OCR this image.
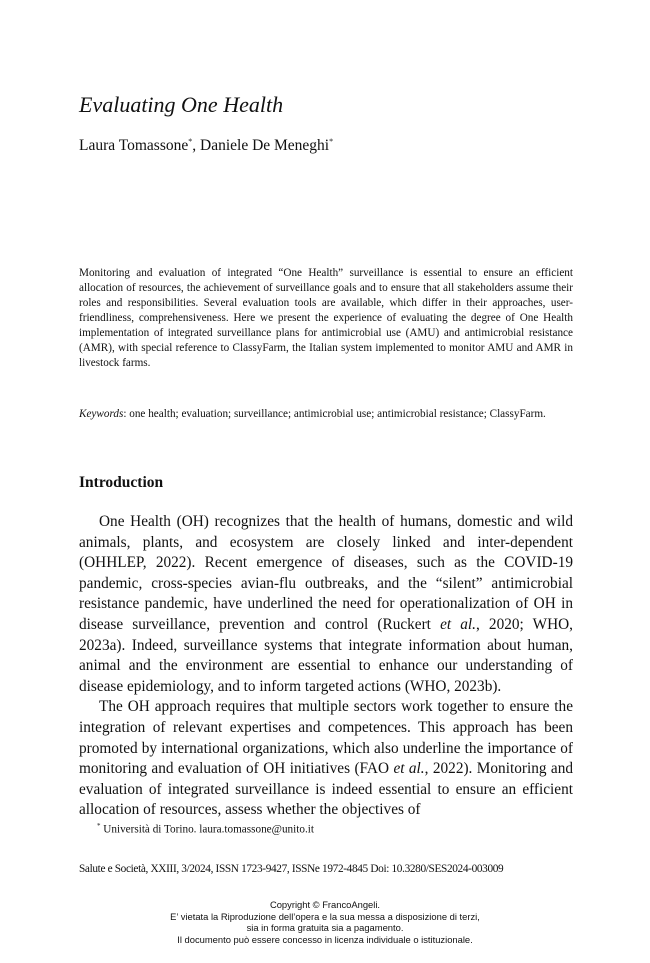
Evaluating One Health
Laura Tomassone*, Daniele De Meneghi*
Monitoring and evaluation of integrated “One Health” surveillance is essential to ensure an efficient allocation of resources, the achievement of surveillance goals and to ensure that all stakeholders assume their roles and responsibilities. Several evaluation tools are available, which differ in their approaches, user-friendliness, comprehensiveness. Here we present the experience of evaluating the degree of One Health implementation of integrated surveillance plans for antimicrobial use (AMU) and antimicrobial resistance (AMR), with special reference to ClassyFarm, the Italian system implemented to monitor AMU and AMR in livestock farms.
Keywords: one health; evaluation; surveillance; antimicrobial use; antimicrobial resistance; ClassyFarm.
Introduction

One Health (OH) recognizes that the health of humans, domestic and wild animals, plants, and ecosystem are closely linked and inter-dependent (OHHLEP, 2022). Recent emergence of diseases, such as the COVID-19 pandemic, cross-species avian-flu outbreaks, and the “silent” antimicrobial resistance pandemic, have underlined the need for operationalization of OH in disease surveillance, prevention and control (Ruckert et al., 2020; WHO, 2023a). Indeed, surveillance systems that integrate information about human, animal and the environment are essential to enhance our understanding of disease epidemiology, and to inform targeted actions (WHO, 2023b).

The OH approach requires that multiple sectors work together to ensure the integration of relevant expertises and competences. This approach has been promoted by international organizations, which also underline the importance of monitoring and evaluation of OH initiatives (FAO et al., 2022). Monitoring and evaluation of integrated surveillance is indeed essential to ensure an efficient allocation of resources, assess whether the objectives of

* Università di Torino. laura.tomassone@unito.it
Salute e Società, XXIII, 3/2024, ISSN 1723-9427, ISSNe 1972-4845 Doi: 10.3280/SES2024-003009
Copyright © FrancoAngeli.
E’ vietata la Riproduzione dell’opera e la sua messa a disposizione di terzi,
sia in forma gratuita sia a pagamento.
Il documento può essere concesso in licenza individuale o istituzionale.
